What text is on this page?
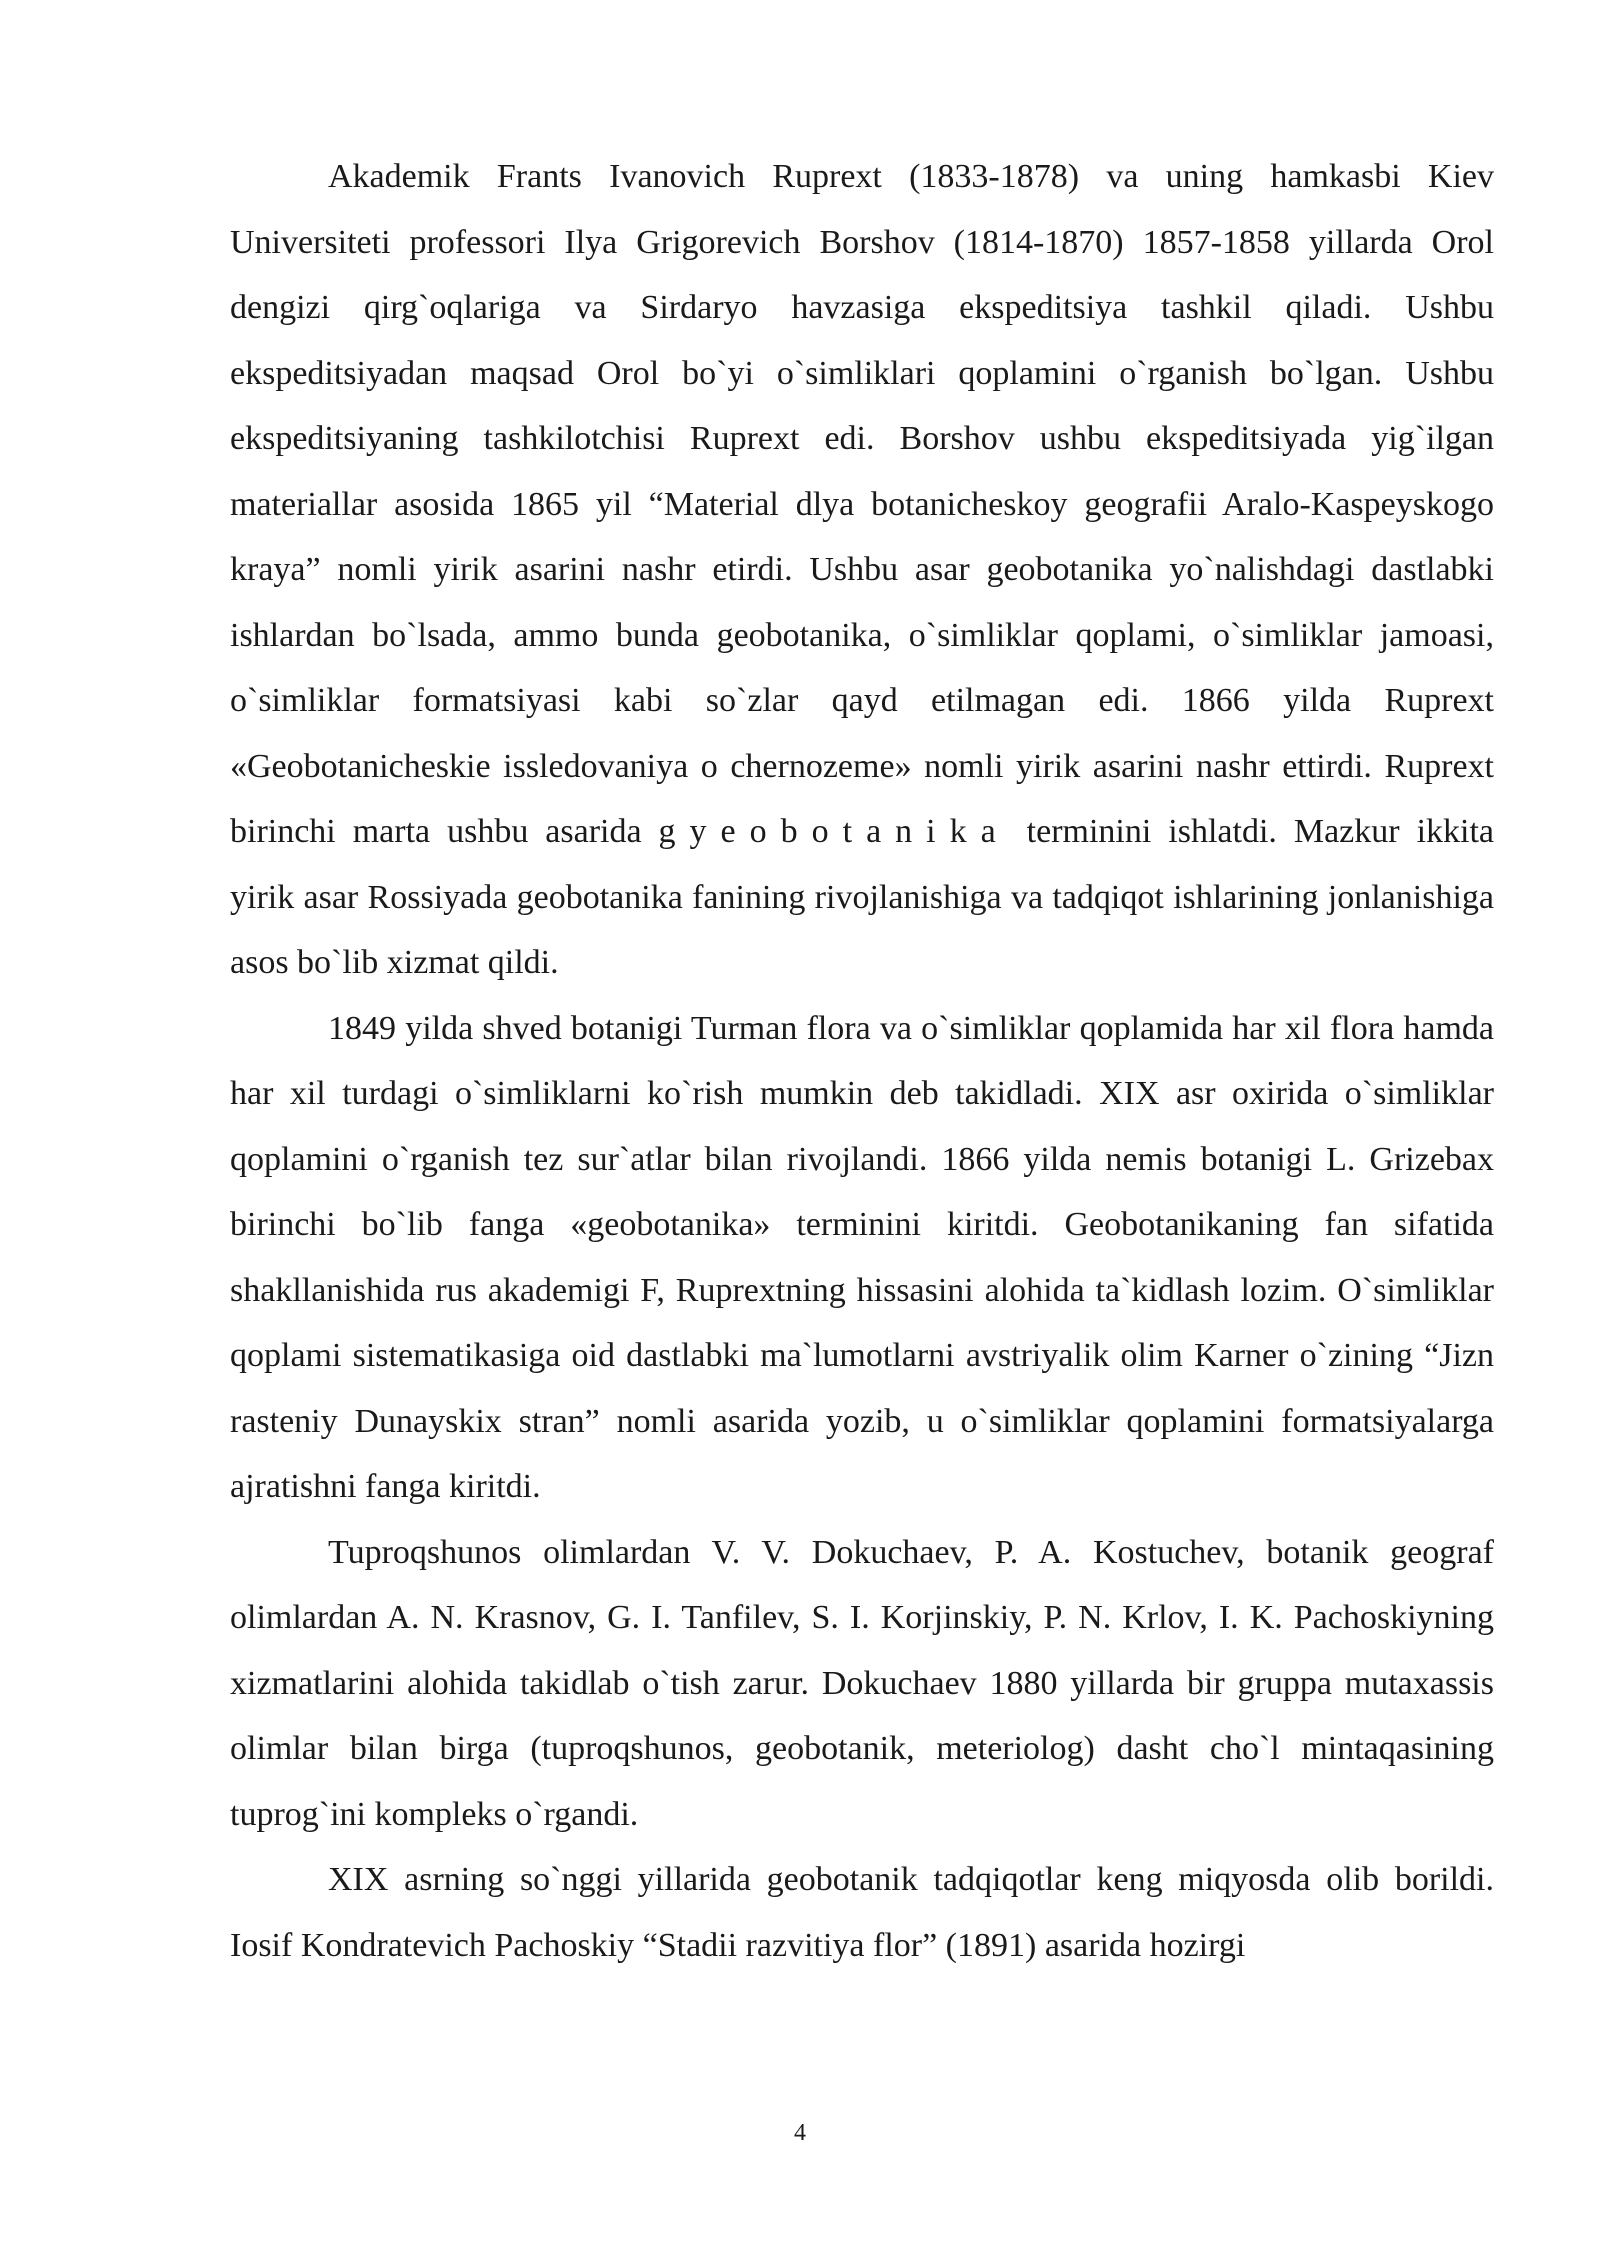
Akademik Frants Ivanovich Ruprext (1833-1878) va uning hamkasbi Kiev Universiteti professori Ilya Grigorevich Borshov (1814-1870) 1857-1858 yillarda Orol dengizi qirg`oqlariga va Sirdaryo havzasiga ekspeditsiya tashkil qiladi. Ushbu ekspeditsiyadan maqsad Orol bo`yi o`simliklari qoplamini o`rganish bo`lgan. Ushbu ekspeditsiyaning tashkilotchisi Ruprext edi. Borshov ushbu ekspeditsiyada yig`ilgan materiallar asosida 1865 yil “Material dlya botanicheskoy geografii Aralo-Kaspeyskogo kraya” nomli yirik asarini nashr etirdi. Ushbu asar geobotanika yo`nalishdagi dastlabki ishlardan bo`lsada, ammo bunda geobotanika, o`simliklar qoplami, o`simliklar jamoasi, o`simliklar formatsiyasi kabi so`zlar qayd etilmagan edi. 1866 yilda Ruprext «Geobotanicheskie issledovaniya o chernozeme» nomli yirik asarini nashr ettirdi. Ruprext birinchi marta ushbu asarida gyeobotanika terminini ishlatdi. Mazkur ikkita yirik asar Rossiyada geobotanika fanining rivojlanishiga va tadqiqot ishlarining jonlanishiga asos bo`lib xizmat qildi.

1849 yilda shved botanigi Turman flora va o`simliklar qoplamida har xil flora hamda har xil turdagi o`simliklarni ko`rish mumkin deb takidladi. XIX asr oxirida o`simliklar qoplamini o`rganish tez sur`atlar bilan rivojlandi. 1866 yilda nemis botanigi L. Grizebax birinchi bo`lib fanga «geobotanika» terminini kiritdi. Geobotanikaning fan sifatida shakllanishida rus akademigi F, Ruprextning hissasini alohida ta`kidlash lozim. O`simliklar qoplami sistematikasiga oid dastlabki ma`lumotlarni avstriyalik olim Karner o`zining “Jizn rasteniy Dunayskix stran” nomli asarida yozib, u o`simliklar qoplamini formatsiyalarga ajratishni fanga kiritdi.

Tuproqshunos olimlardan V. V. Dokuchaev, P. A. Kostuchev, botanik geograf olimlardan A. N. Krasnov, G. I. Tanfilev, S. I. Korjinskiy, P. N. Krlov, I. K. Pachoskiyning xizmatlarini alohida takidlab o`tish zarur. Dokuchaev 1880 yillarda bir gruppa mutaxassis olimlar bilan birga (tuproqshunos, geobotanik, meteriolog) dasht cho`l mintaqasining tuprog`ini kompleks o`rgandi.

XIX asrning so`nggi yillarida geobotanik tadqiqotlar keng miqyosda olib borildi. Iosif Kondratevich Pachoskiy “Stadii razvitiya flor” (1891) asarida hozirgi

4
